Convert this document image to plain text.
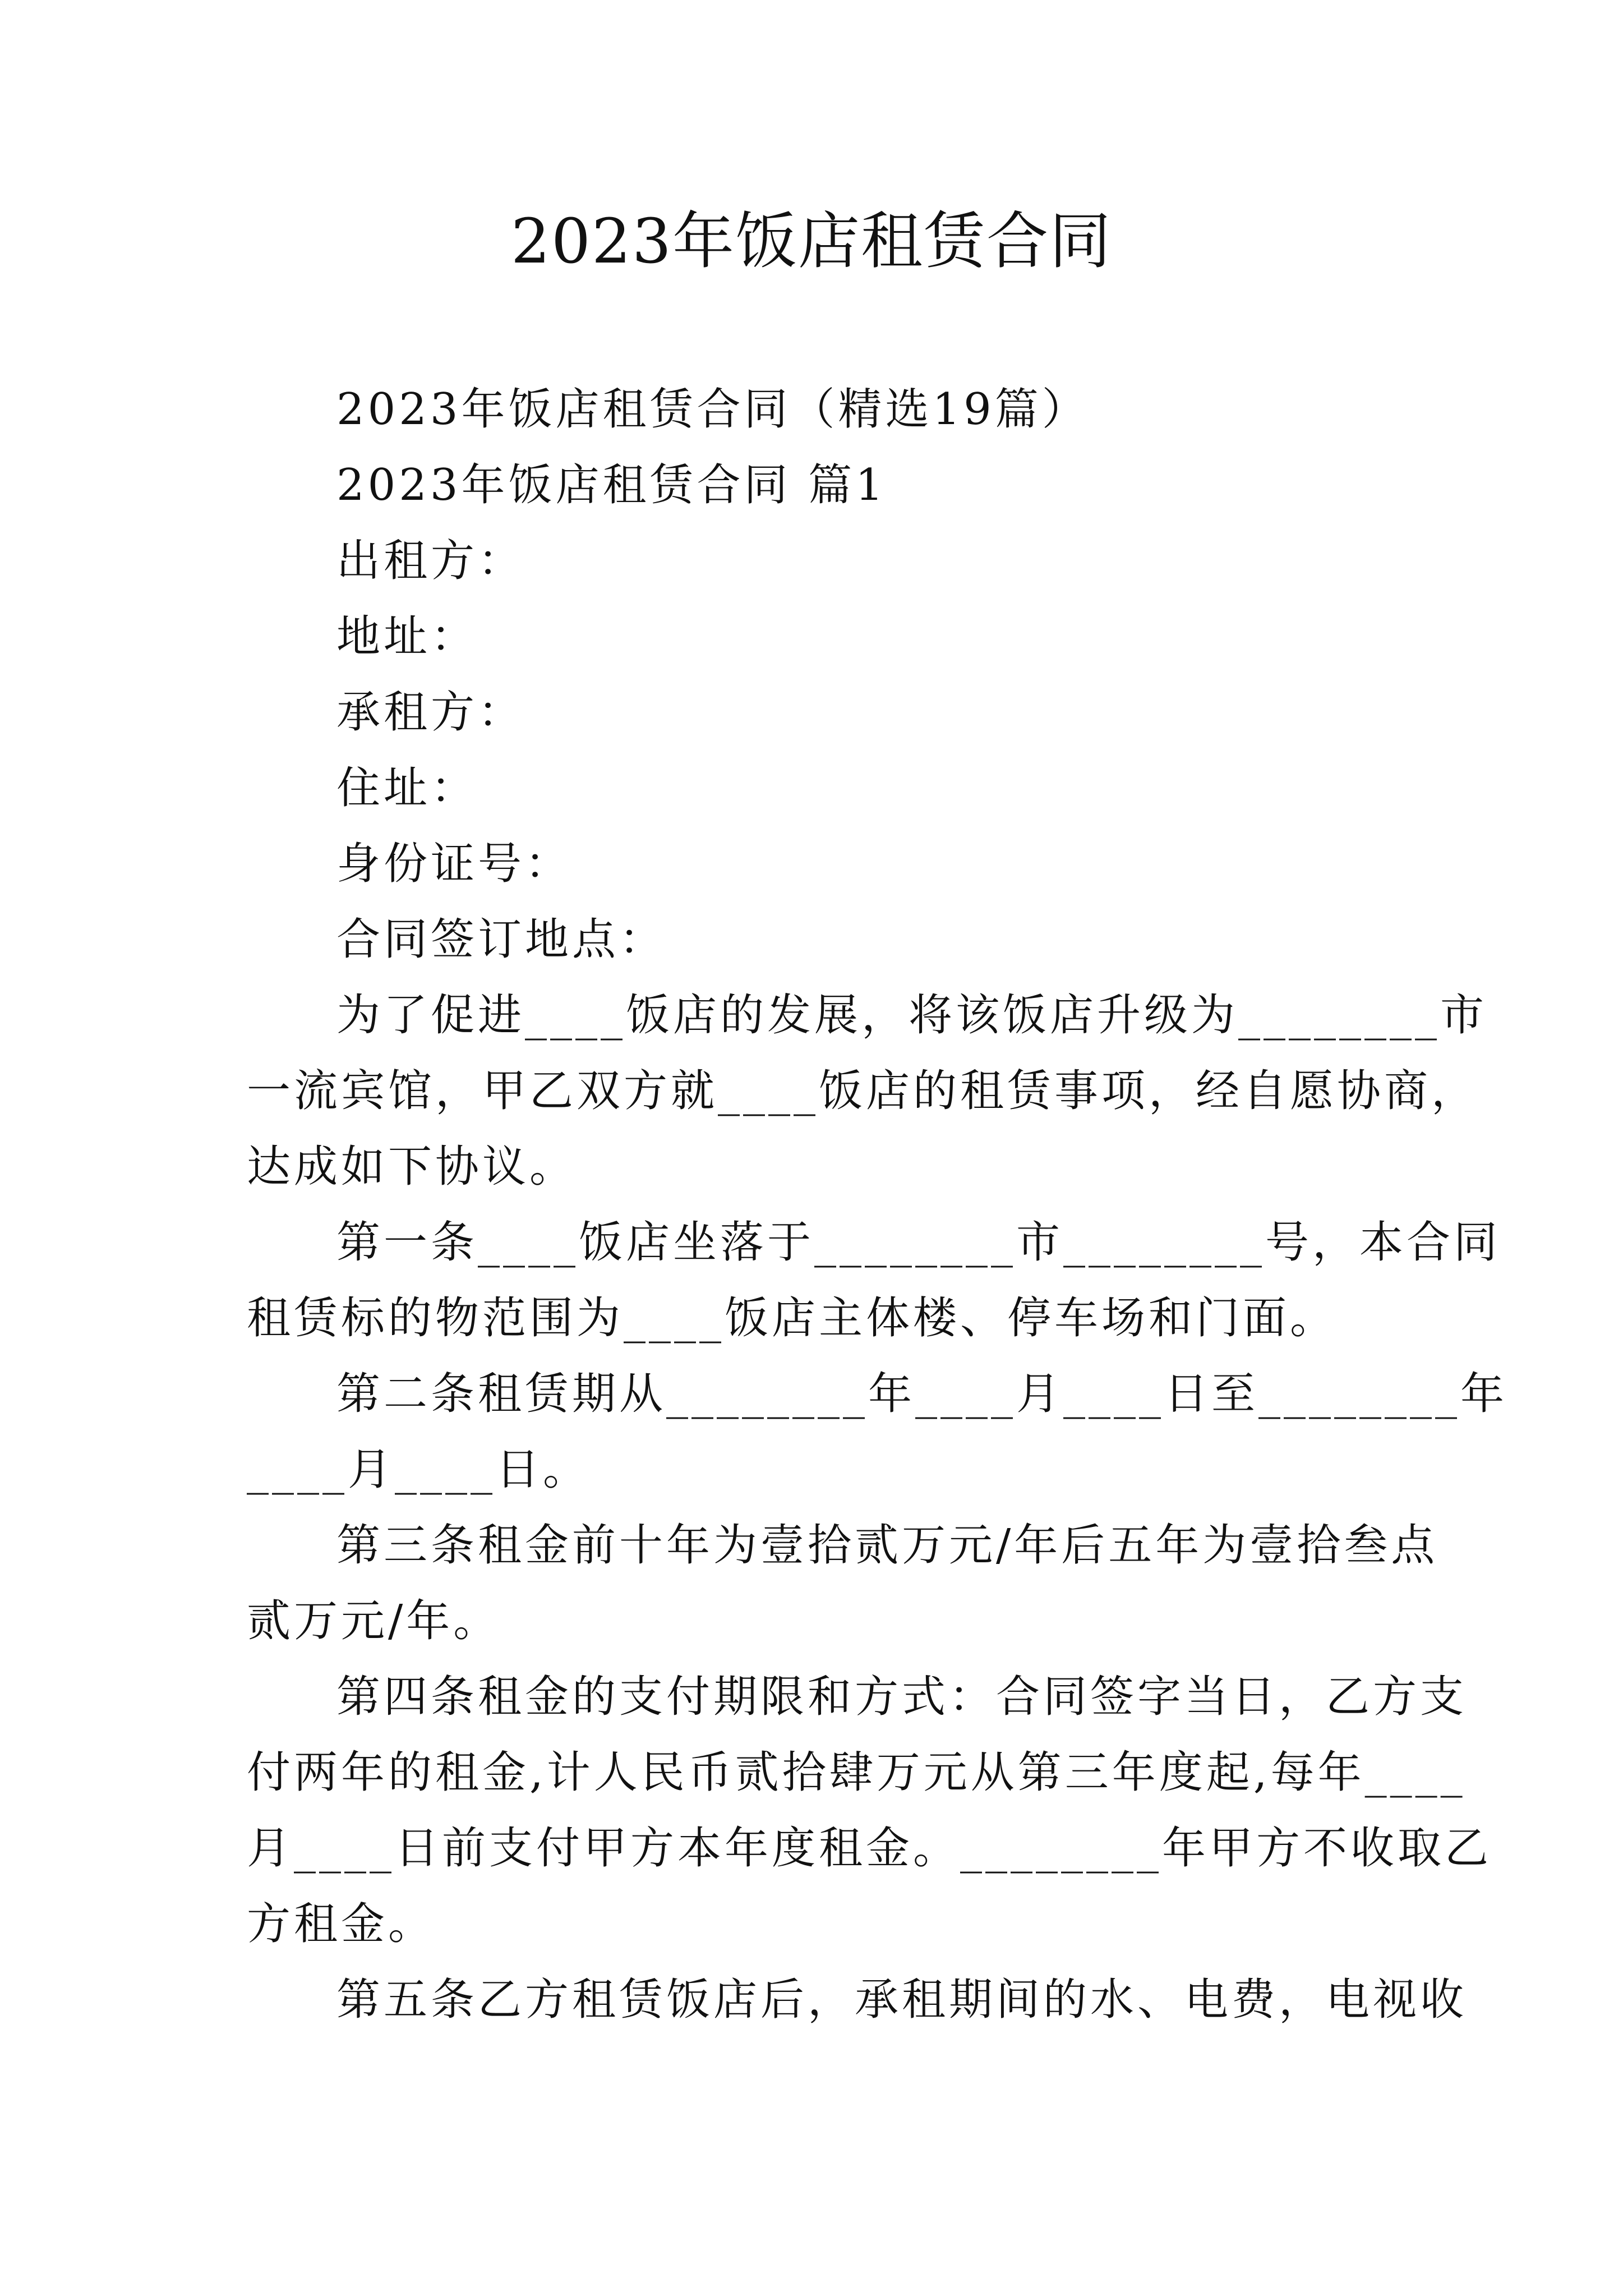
2023年饭店租赁合同
2023年饭店租赁合同（精选19篇）
2023年饭店租赁合同 篇1
出租方：
地址：
承租方：
住址：
身份证号：
合同签订地点：
为了促进____饭店的发展，将该饭店升级为________市
一流宾馆，甲乙双方就____饭店的租赁事项，经自愿协商，
达成如下协议。
第一条____饭店坐落于________市________号，本合同
租赁标的物范围为____饭店主体楼、停车场和门面。
第二条租赁期从________年____月____日至________年
____月____日。
第三条租金前十年为壹拾贰万元/年后五年为壹拾叁点
贰万元/年。
第四条租金的支付期限和方式：合同签字当日，乙方支
付两年的租金,计人民币贰拾肆万元从第三年度起,每年____
月____日前支付甲方本年度租金。________年甲方不收取乙
方租金。
第五条乙方租赁饭店后，承租期间的水、电费，电视收
